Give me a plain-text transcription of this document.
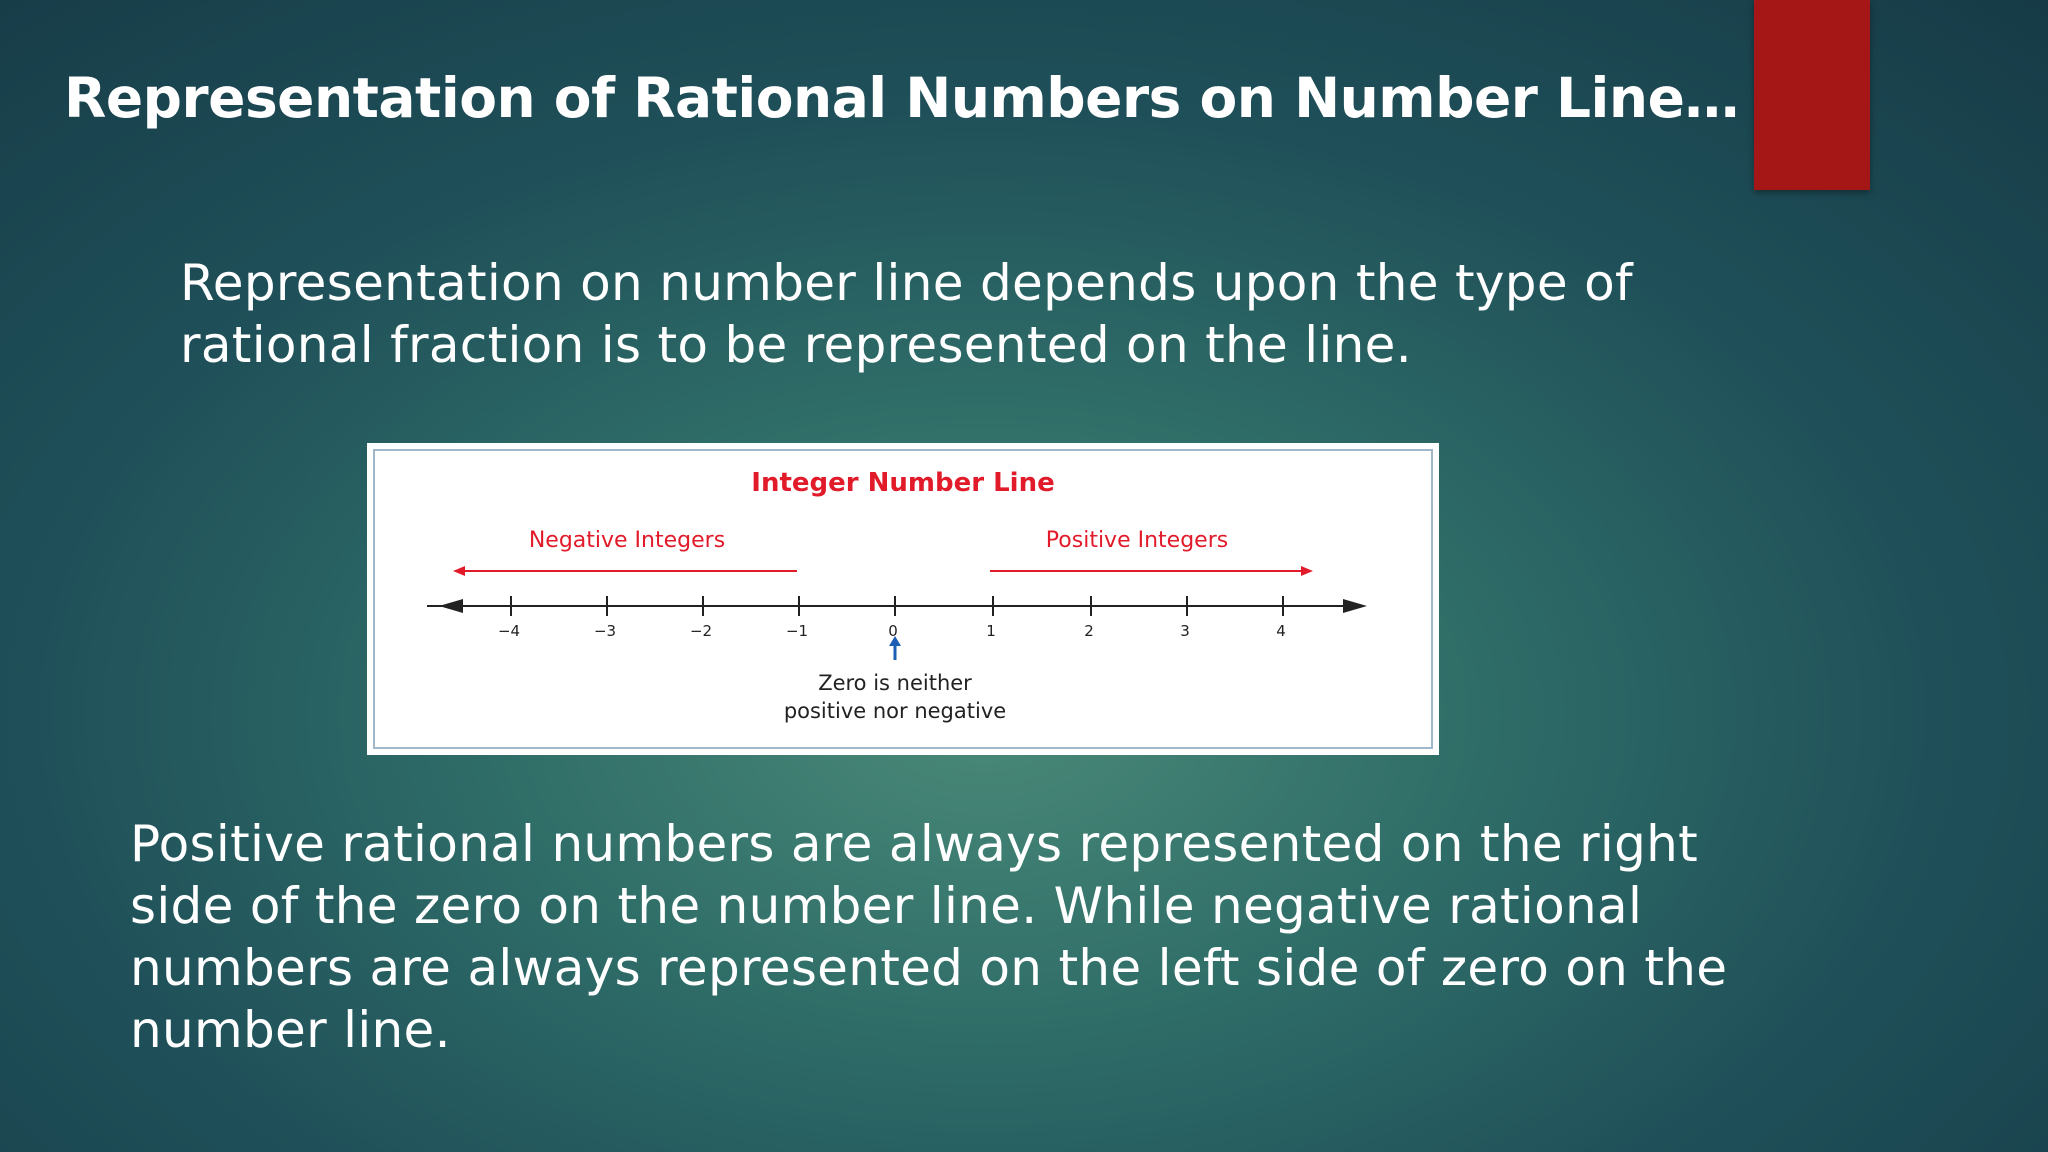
Representation of Rational Numbers on Number Line…
Representation on number line depends upon the type of rational fraction is to be represented on the line.
Integer Number Line
Negative Integers	Positive Integers
−4	−3	−2	−1	0	1	2	3	4
Zero is neither
positive nor negative
Positive rational numbers are always represented on the right side of the zero on the number line. While negative rational numbers are always represented on the left side of zero on the number line.
